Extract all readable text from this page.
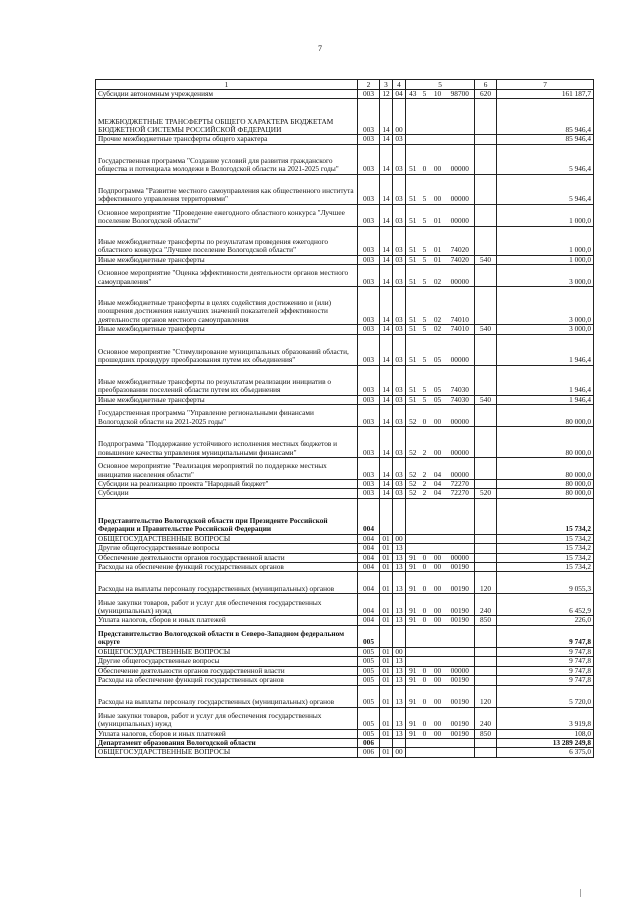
7
1	2	3	4	5				6	7
Субсидии автономным учреждениям	003	12	04	43	5	10	98700	620	161 187,7
МЕЖБЮДЖЕТНЫЕ ТРАНСФЕРТЫ ОБЩЕГО ХАРАКТЕРА БЮДЖЕТАМ БЮДЖЕТНОЙ СИСТЕМЫ РОССИЙСКОЙ ФЕДЕРАЦИИ	003	14	00						85 946,4
Прочие межбюджетные трансферты общего характера	003	14	03						85 946,4
Государственная программа "Создание условий для развития гражданского общества и потенциала молодежи в Вологодской области на 2021-2025 годы"	003	14	03	51	0	00	00000		5 946,4
Подпрограмма "Развитие местного самоуправления как общественного института эффективного управления территориями"	003	14	03	51	5	00	00000		5 946,4
Основное мероприятие "Проведение ежегодного областного конкурса "Лучшее поселение Вологодской области"	003	14	03	51	5	01	00000		1 000,0
Иные межбюджетные трансферты по результатам проведения ежегодного областного конкурса "Лучшее поселение Вологодской области"	003	14	03	51	5	01	74020		1 000,0
Иные межбюджетные трансферты	003	14	03	51	5	01	74020	540	1 000,0
Основное мероприятие "Оценка эффективности деятельности органов местного самоуправления"	003	14	03	51	5	02	00000		3 000,0
Иные межбюджетные трансферты в целях содействия достижению и (или) поощрения достижения наилучших значений показателей эффективности деятельности органов местного самоуправления	003	14	03	51	5	02	74010		3 000,0
Иные межбюджетные трансферты	003	14	03	51	5	02	74010	540	3 000,0
Основное мероприятие "Стимулирование муниципальных образований области, прошедших процедуру преобразования путем их объединения"	003	14	03	51	5	05	00000		1 946,4
Иные межбюджетные трансферты по результатам реализации инициатив о преобразовании поселений области путем их объединения	003	14	03	51	5	05	74030		1 946,4
Иные межбюджетные трансферты	003	14	03	51	5	05	74030	540	1 946,4
Государственная программа "Управление региональными финансами Вологодской области на 2021-2025 годы"	003	14	03	52	0	00	00000		80 000,0
Подпрограмма "Поддержание устойчивого исполнения местных бюджетов и повышение качества управления муниципальными финансами"	003	14	03	52	2	00	00000		80 000,0
Основное мероприятие "Реализация мероприятий по поддержке местных инициатив населения области"	003	14	03	52	2	04	00000		80 000,0
Субсидии на реализацию проекта "Народный бюджет"	003	14	03	52	2	04	72270		80 000,0
Субсидии	003	14	03	52	2	04	72270	520	80 000,0
Представительство Вологодской области при Президенте Российской Федерации и Правительстве Российской Федерации	004								15 734,2
ОБЩЕГОСУДАРСТВЕННЫЕ ВОПРОСЫ	004	01	00						15 734,2
Другие общегосударственные вопросы	004	01	13						15 734,2
Обеспечение деятельности органов государственной власти	004	01	13	91	0	00	00000		15 734,2
Расходы на обеспечение функций государственных органов	004	01	13	91	0	00	00190		15 734,2
Расходы на выплаты персоналу государственных (муниципальных) органов	004	01	13	91	0	00	00190	120	9 055,3
Иные закупки товаров, работ и услуг для обеспечения государственных (муниципальных) нужд	004	01	13	91	0	00	00190	240	6 452,9
Уплата налогов, сборов и иных платежей	004	01	13	91	0	00	00190	850	226,0
Представительство Вологодской области в Северо-Западном федеральном округе	005								9 747,8
ОБЩЕГОСУДАРСТВЕННЫЕ ВОПРОСЫ	005	01	00						9 747,8
Другие общегосударственные вопросы	005	01	13						9 747,8
Обеспечение деятельности органов государственной власти	005	01	13	91	0	00	00000		9 747,8
Расходы на обеспечение функций государственных органов	005	01	13	91	0	00	00190		9 747,8
Расходы на выплаты персоналу государственных (муниципальных) органов	005	01	13	91	0	00	00190	120	5 720,0
Иные закупки товаров, работ и услуг для обеспечения государственных (муниципальных) нужд	005	01	13	91	0	00	00190	240	3 919,8
Уплата налогов, сборов и иных платежей	005	01	13	91	0	00	00190	850	108,0
Департамент образования Вологодской области	006								13 289 249,8
ОБЩЕГОСУДАРСТВЕННЫЕ ВОПРОСЫ	006	01	00						6 375,0
|
